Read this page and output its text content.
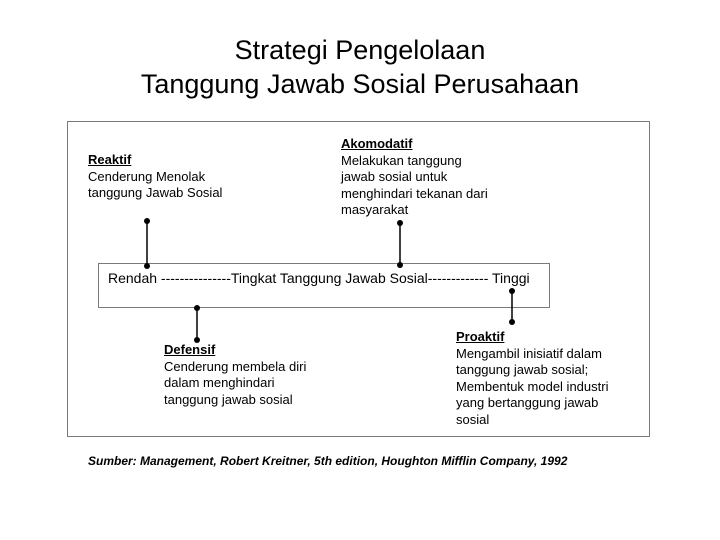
Strategi Pengelolaan
Tanggung Jawab Sosial Perusahaan
Rendah ---------------Tingkat Tanggung Jawab Sosial------------- Tinggi
Reaktif
Cenderung Menolak
tanggung Jawab Sosial
Akomodatif
Melakukan tanggung
jawab sosial untuk
menghindari tekanan dari
masyarakat
Defensif
Cenderung membela diri
dalam menghindari
tanggung jawab sosial
Proaktif
Mengambil inisiatif dalam
tanggung jawab sosial;
Membentuk model industri
yang bertanggung jawab
sosial
Sumber: Management, Robert Kreitner, 5th edition, Houghton Mifflin Company, 1992
